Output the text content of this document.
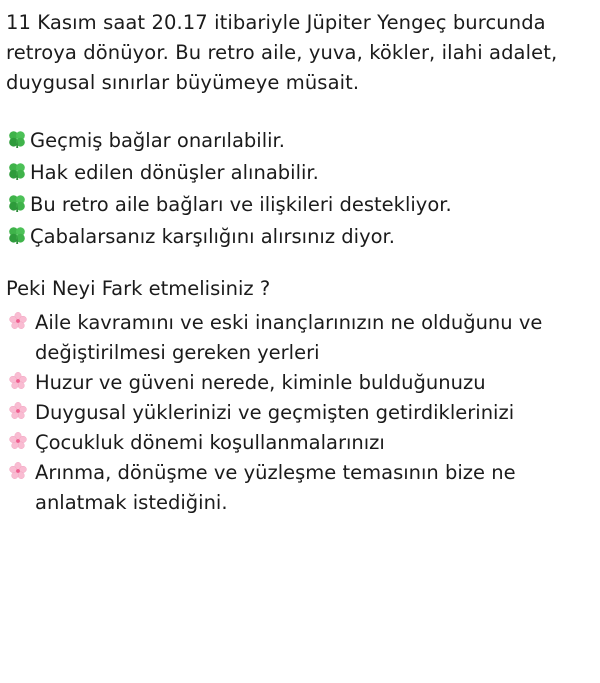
11 Kasım saat 20.17 itibariyle Jüpiter Yengeç burcunda retroya dönüyor. Bu retro aile, yuva, kökler, ilahi adalet, duygusal sınırlar büyümeye müsait.

Geçmiş bağlar onarılabilir.
Hak edilen dönüşler alınabilir.
Bu retro aile bağları ve ilişkileri destekliyor.
Çabalarsanız karşılığını alırsınız diyor.

Peki Neyi Fark etmelisiniz ?

Aile kavramını ve eski inançlarınızın ne olduğunu ve değiştirilmesi gereken yerleri
Huzur ve güveni nerede, kiminle bulduğunuzu
Duygusal yüklerinizi ve geçmişten getirdiklerinizi
Çocukluk dönemi koşullanmalarınızı
Arınma, dönüşme ve yüzleşme temasının bize ne anlatmak istediğini.
